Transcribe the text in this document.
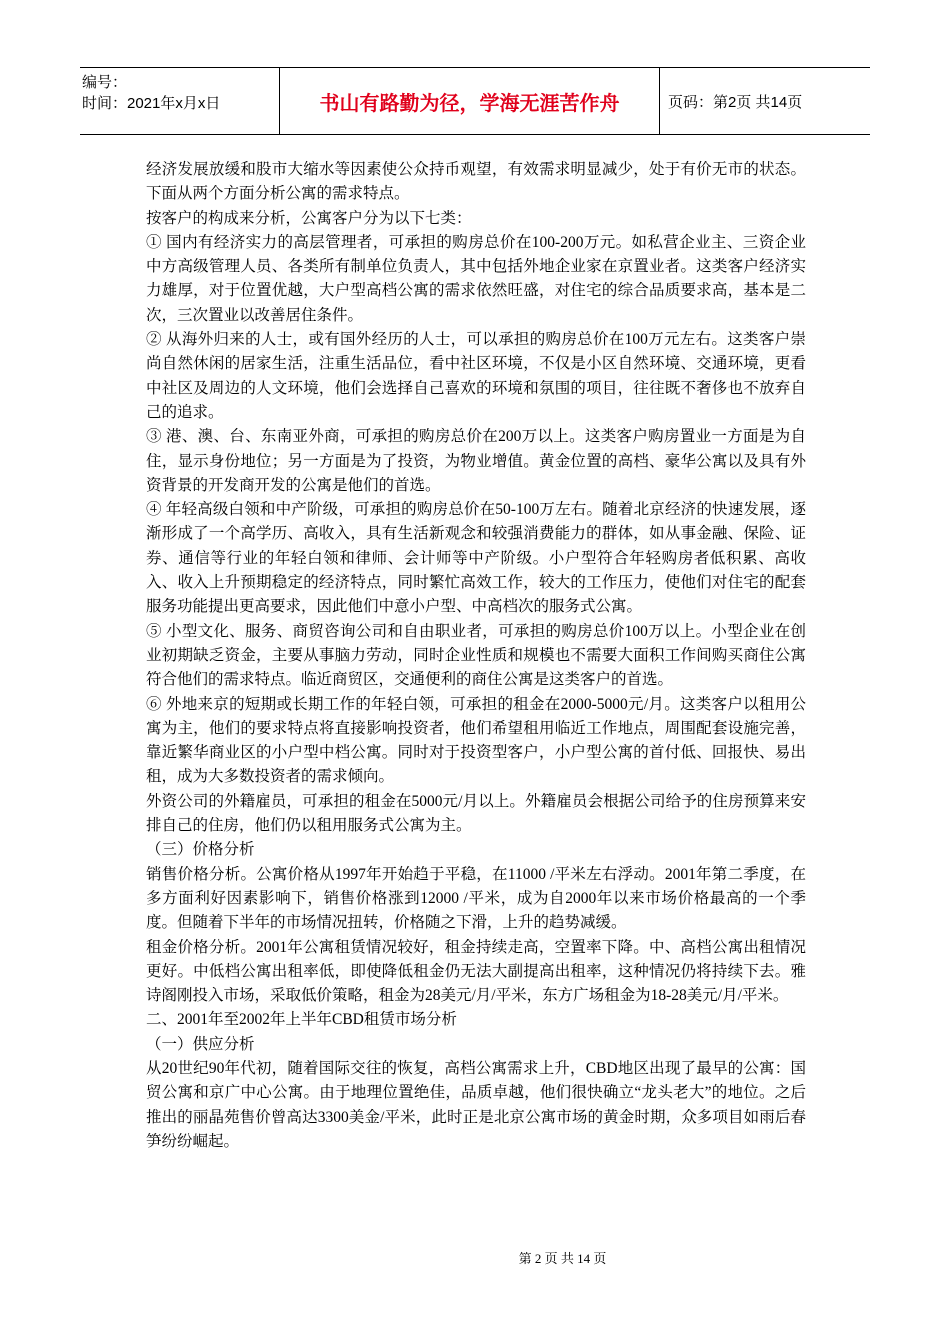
编号：
时间：2021年x月x日	书山有路勤为径，学海无涯苦作舟	页码：第2页 共14页

经济发展放缓和股市大缩水等因素使公众持币观望，有效需求明显减少，处于有价无市的状态。下面从两个方面分析公寓的需求特点。

按客户的构成来分析，公寓客户分为以下七类：

① 国内有经济实力的高层管理者，可承担的购房总价在100-200万元。如私营企业主、三资企业中方高级管理人员、各类所有制单位负责人，其中包括外地企业家在京置业者。这类客户经济实力雄厚，对于位置优越，大户型高档公寓的需求依然旺盛，对住宅的综合品质要求高，基本是二次，三次置业以改善居住条件。

② 从海外归来的人士，或有国外经历的人士，可以承担的购房总价在100万元左右。这类客户崇尚自然休闲的居家生活，注重生活品位，看中社区环境，不仅是小区自然环境、交通环境，更看中社区及周边的人文环境，他们会选择自己喜欢的环境和氛围的项目，往往既不奢侈也不放弃自己的追求。

③ 港、澳、台、东南亚外商，可承担的购房总价在200万以上。这类客户购房置业一方面是为自住，显示身份地位；另一方面是为了投资，为物业增值。黄金位置的高档、豪华公寓以及具有外资背景的开发商开发的公寓是他们的首选。

④ 年轻高级白领和中产阶级，可承担的购房总价在50-100万左右。随着北京经济的快速发展，逐渐形成了一个高学历、高收入，具有生活新观念和较强消费能力的群体，如从事金融、保险、证券、通信等行业的年轻白领和律师、会计师等中产阶级。小户型符合年轻购房者低积累、高收入、收入上升预期稳定的经济特点，同时繁忙高效工作，较大的工作压力，使他们对住宅的配套服务功能提出更高要求，因此他们中意小户型、中高档次的服务式公寓。

⑤ 小型文化、服务、商贸咨询公司和自由职业者，可承担的购房总价100万以上。小型企业在创业初期缺乏资金，主要从事脑力劳动，同时企业性质和规模也不需要大面积工作间购买商住公寓符合他们的需求特点。临近商贸区，交通便利的商住公寓是这类客户的首选。

⑥ 外地来京的短期或长期工作的年轻白领，可承担的租金在2000-5000元/月。这类客户以租用公寓为主，他们的要求特点将直接影响投资者，他们希望租用临近工作地点，周围配套设施完善，靠近繁华商业区的小户型中档公寓。同时对于投资型客户，小户型公寓的首付低、回报快、易出租，成为大多数投资者的需求倾向。

外资公司的外籍雇员，可承担的租金在5000元/月以上。外籍雇员会根据公司给予的住房预算来安排自己的住房，他们仍以租用服务式公寓为主。

（三）价格分析

销售价格分析。公寓价格从1997年开始趋于平稳，在11000 /平米左右浮动。2001年第二季度，在多方面利好因素影响下，销售价格涨到12000 /平米，成为自2000年以来市场价格最高的一个季度。但随着下半年的市场情况扭转，价格随之下滑，上升的趋势减缓。

租金价格分析。2001年公寓租赁情况较好，租金持续走高，空置率下降。中、高档公寓出租情况更好。中低档公寓出租率低，即使降低租金仍无法大副提高出租率，这种情况仍将持续下去。雅诗阁刚投入市场，采取低价策略，租金为28美元/月/平米，东方广场租金为18-28美元/月/平米。

二、2001年至2002年上半年CBD租赁市场分析

（一）供应分析

从20世纪90年代初，随着国际交往的恢复，高档公寓需求上升，CBD地区出现了最早的公寓：国贸公寓和京广中心公寓。由于地理位置绝佳，品质卓越，他们很快确立“龙头老大”的地位。之后推出的丽晶苑售价曾高达3300美金/平米，此时正是北京公寓市场的黄金时期，众多项目如雨后春笋纷纷崛起。

第 2 页 共 14 页
